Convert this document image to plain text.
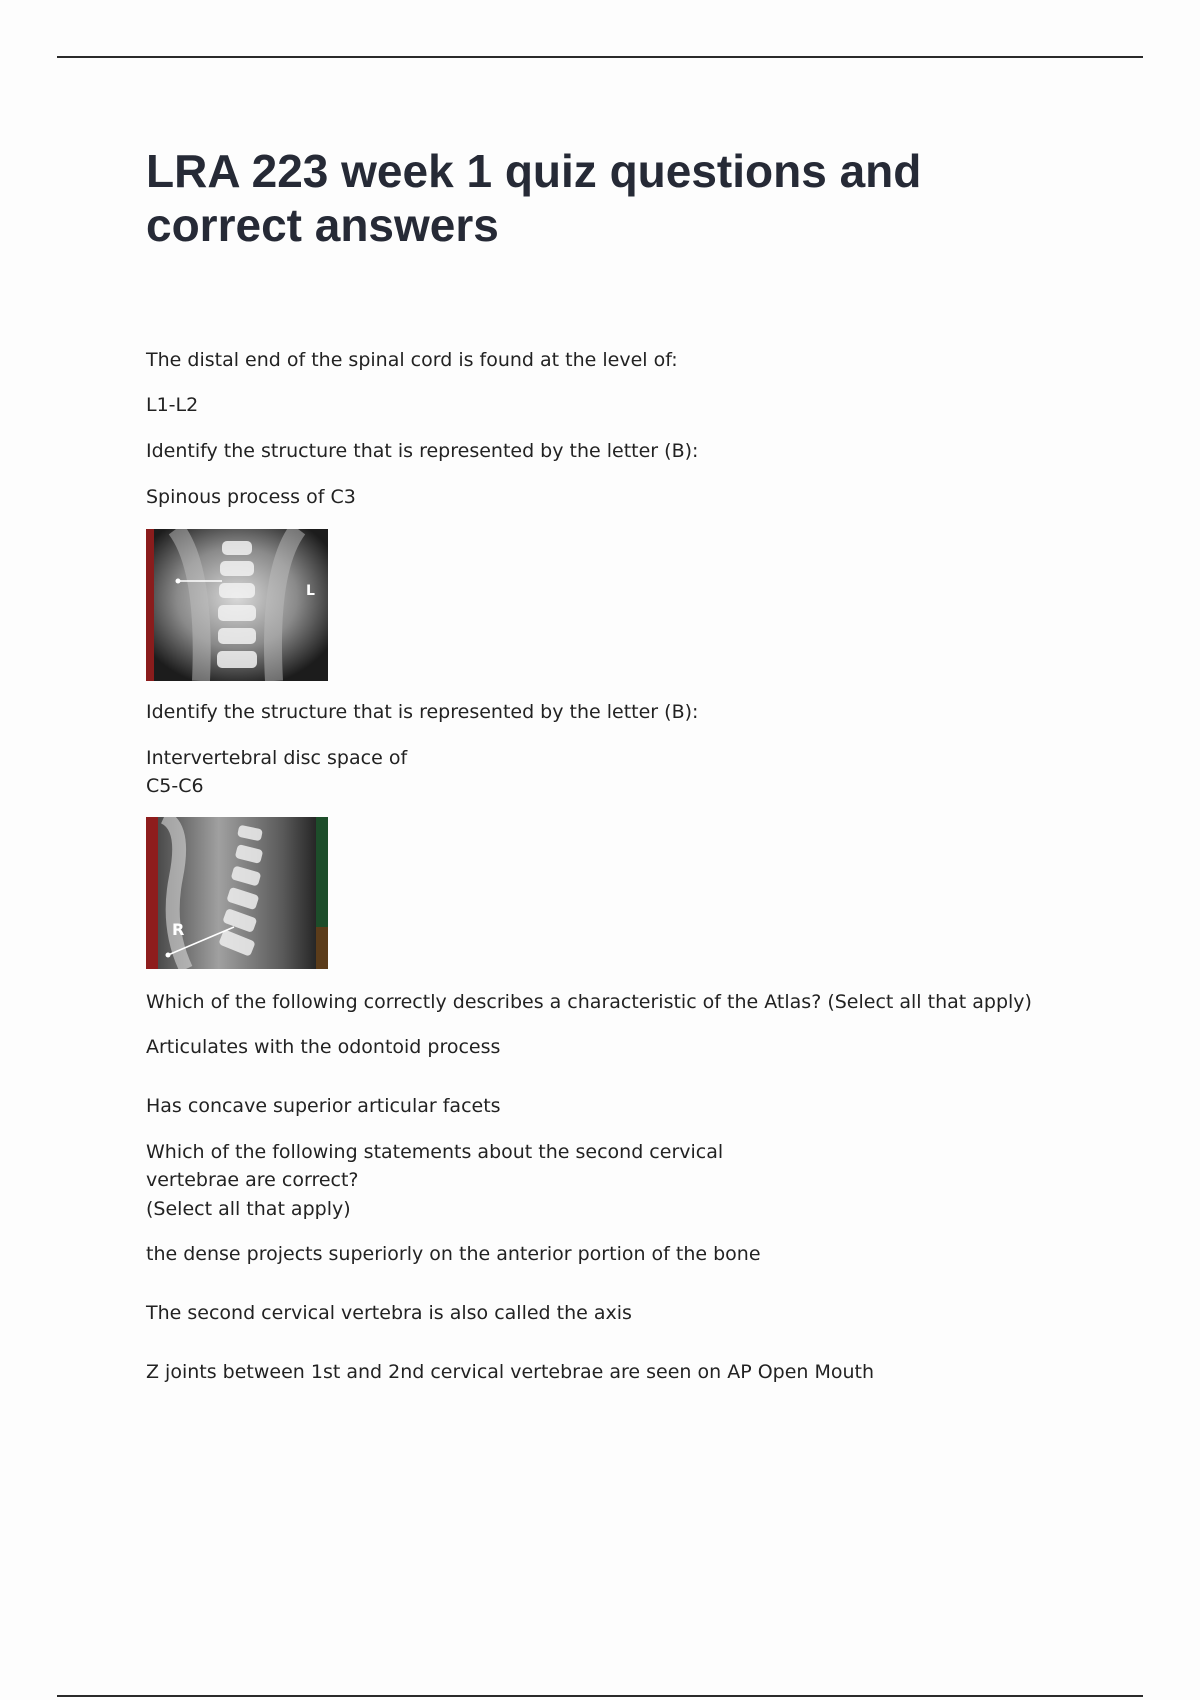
LRA 223 week 1 quiz questions and correct answers
The distal end of the spinal cord is found at the level of:
L1-L2
Identify the structure that is represented by the letter (B):
Spinous process of C3
L
Identify the structure that is represented by the letter (B):
Intervertebral disc space of
C5-C6
R
Which of the following correctly describes a characteristic of the Atlas? (Select all that apply)
Articulates with the odontoid process
Has concave superior articular facets
Which of the following statements about the second cervical
vertebrae are correct?
(Select all that apply)
the dense projects superiorly on the anterior portion of the bone
The second cervical vertebra is also called the axis
Z joints between 1st and 2nd cervical vertebrae are seen on AP Open Mouth
